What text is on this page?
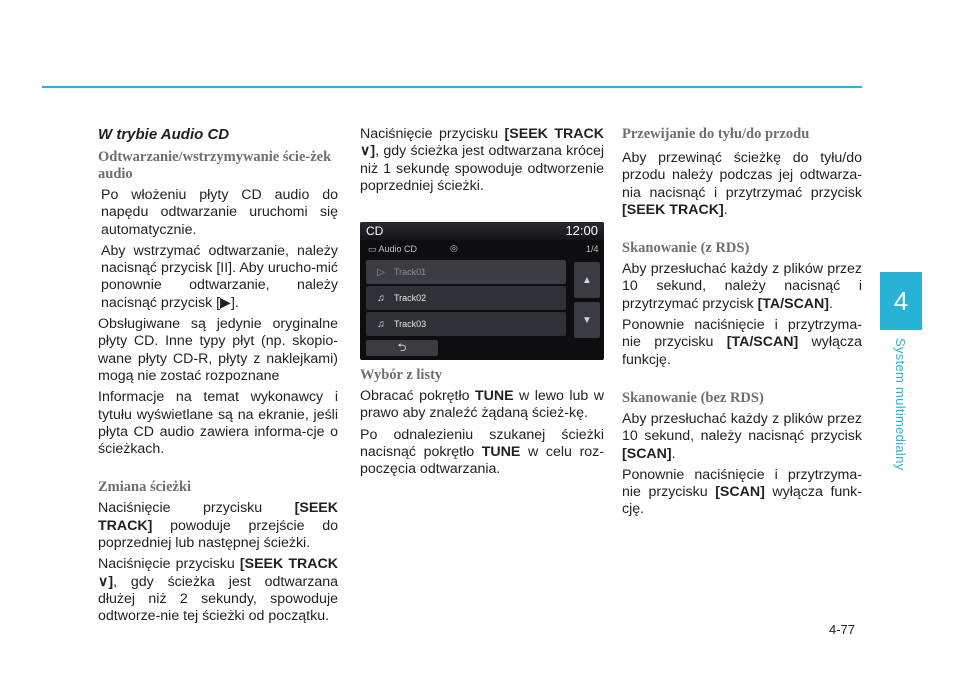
4
System multimedialny
W trybie Audio CD
Odtwarzanie/wstrzymywanie ście-żek audio
Po włożeniu płyty CD audio do napędu odtwarzanie uruchomi się automatycznie.
Aby wstrzymać odtwarzanie, należy nacisnąć przycisk [II]. Aby urucho-mić ponownie odtwarzanie, należy nacisnąć przycisk [▶].
Obsługiwane są jedynie oryginalne płyty CD. Inne typy płyt (np. skopio-wane płyty CD-R, płyty z naklejkami) mogą nie zostać rozpoznane
Informacje na temat wykonawcy i tytułu wyświetlane są na ekranie, jeśli płyta CD audio zawiera informa-cje o ścieżkach.
Zmiana ścieżki
Naciśnięcie przycisku [SEEK TRACK] powoduje przejście do poprzedniej lub następnej ścieżki.
Naciśnięcie przycisku [SEEK TRACK ∨], gdy ścieżka jest odtwarzana dłużej niż 2 sekundy, spowoduje odtworze-nie tej ścieżki od początku.
Naciśnięcie przycisku [SEEK TRACK ∨], gdy ścieżka jest odtwarzana krócej niż 1 sekundę spowoduje odtworzenie poprzedniej ścieżki.
CD	12:00
▭ Audio CD	◎	1/4
▷	Track01
♫	Track02
♫	Track03
▲
▼
⮌
Wybór z listy
Obracać pokrętło TUNE w lewo lub w prawo aby znaleźć żądaną ścież-kę.
Po odnalezieniu szukanej ścieżki nacisnąć pokrętło TUNE w celu roz-poczęcia odtwarzania.
Przewijanie do tyłu/do przodu
Aby przewinąć ścieżkę do tyłu/do przodu należy podczas jej odtwarza-nia nacisnąć i przytrzymać przycisk [SEEK TRACK].
Skanowanie (z RDS)
Aby przesłuchać każdy z plików przez 10 sekund, należy nacisnąć i przytrzymać przycisk [TA/SCAN].
Ponownie naciśnięcie i przytrzyma-nie przycisku [TA/SCAN] wyłącza funkcję.
Skanowanie (bez RDS)
Aby przesłuchać każdy z plików przez 10 sekund, należy nacisnąć przycisk [SCAN].
Ponownie naciśnięcie i przytrzyma-nie przycisku [SCAN] wyłącza funk-cję.
4-77
